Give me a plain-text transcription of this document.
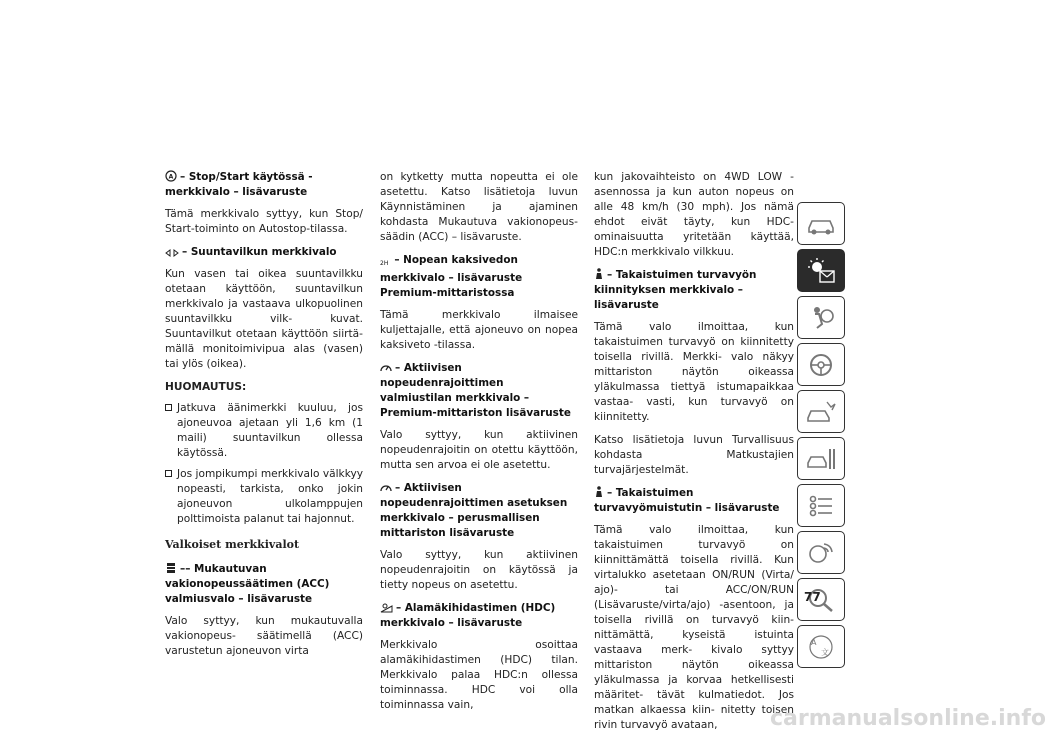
A – Stop/Start käytössä -merkkivalo – lisävaruste
Tämä merkkivalo syttyy, kun Stop/ Start-toiminto on Autostop-tilassa.
– Suuntavilkun merkkivalo
Kun vasen tai oikea suuntavilkku otetaan käyttöön, suuntavilkun merkkivalo ja vastaava ulkopuolinen suuntavilkku vilk- kuvat. Suuntavilkut otetaan käyttöön siirtä- mällä monitoimivipua alas (vasen) tai ylös (oikea).
HUOMAUTUS:
Jatkuva äänimerkki kuuluu, jos ajoneuvoa ajetaan yli 1,6 km (1 maili) suuntavilkun ollessa käytössä.
Jos jompikumpi merkkivalo välkkyy nopeasti, tarkista, onko jokin ajoneuvon ulkolamppujen polttimoista palanut tai hajonnut.
Valkoiset merkkivalot
–– Mukautuvan vakionopeussäätimen (ACC) valmiusvalo – lisävaruste
Valo syttyy, kun mukautuvalla vakionopeus- säätimellä (ACC) varustetun ajoneuvon virta
on kytketty mutta nopeutta ei ole asetettu. Katso lisätietoja luvun Käynnistäminen ja ajaminen kohdasta Mukautuva vakionopeus- säädin (ACC) – lisävaruste.
2H – Nopean kaksivedon merkkivalo – lisävaruste Premium-mittaristossa
Tämä merkkivalo ilmaisee kuljettajalle, että ajoneuvo on nopea kaksiveto -tilassa.
– Aktiivisen nopeudenrajoittimen valmiustilan merkkivalo – Premium-mittariston lisävaruste
Valo syttyy, kun aktiivinen nopeudenrajoitin on otettu käyttöön, mutta sen arvoa ei ole asetettu.
– Aktiivisen nopeudenrajoittimen asetuksen merkkivalo – perusmallisen mittariston lisävaruste
Valo syttyy, kun aktiivinen nopeudenrajoitin on käytössä ja tietty nopeus on asetettu.
– Alamäkihidastimen (HDC) merkkivalo – lisävaruste
Merkkivalo osoittaa alamäkihidastimen (HDC) tilan. Merkkivalo palaa HDC:n ollessa toiminnassa. HDC voi olla toiminnassa vain,
kun jakovaihteisto on 4WD LOW -asennossa ja kun auton nopeus on alle 48 km/h (30 mph). Jos nämä ehdot eivät täyty, kun HDC-ominaisuutta yritetään käyttää, HDC:n merkkivalo vilkkuu.
– Takaistuimen turvavyön kiinnityksen merkkivalo – lisävaruste
Tämä valo ilmoittaa, kun takaistuimen turvavyö on kiinnitetty toisella rivillä. Merkki- valo näkyy mittariston näytön oikeassa yläkulmassa tiettyä istumapaikkaa vastaa- vasti, kun turvavyö on kiinnitetty.
Katso lisätietoja luvun Turvallisuus kohdasta Matkustajien turvajärjestelmät.
– Takaistuimen turvavyömuistutin – lisävaruste
Tämä valo ilmoittaa, kun takaistuimen turvavyö on kiinnittämättä toisella rivillä. Kun virtalukko asetetaan ON/RUN (Virta/ ajo)- tai ACC/ON/RUN (Lisävaruste/virta/ajo) -asentoon, ja toisella rivillä on turvavyö kiin- nittämättä, kyseistä istuinta vastaava merk- kivalo syttyy mittariston näytön oikeassa yläkulmassa ja korvaa hetkellisesti määritet- tävät kulmatiedot. Jos matkan alkaessa kiin- nitetty toisen rivin turvavyö avataan,
A
文
77
carmanualsonline.info
